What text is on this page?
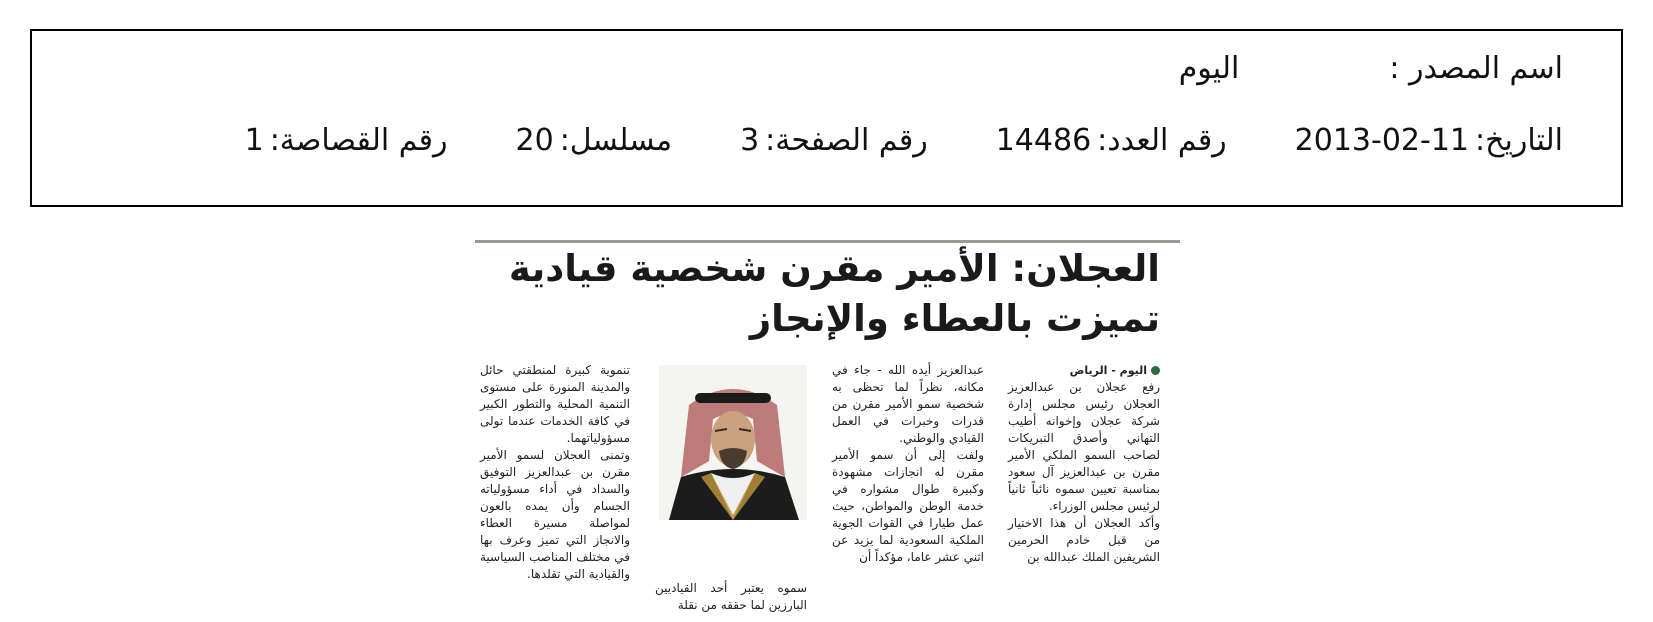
اسم المصدر :
اليوم
التاريخ:
2013-02-11
رقم العدد:
14486
رقم الصفحة:
3
مسلسل:
20
رقم القصاصة:
1
العجلان: الأمير مقرن شخصية قيادية
تميزت بالعطاء والإنجاز
اليوم - الرياض

رفع عجلان بن عبدالعزيز العجلان رئيس مجلس إدارة شركة عجلان وإخوانه أطيب التهاني وأصدق التبريكات لصاحب السمو الملكي الأمير مقرن بن عبدالعزيز آل سعود بمناسبة تعيين سموه نائباً ثانياً لرئيس مجلس الوزراء.

وأكد العجلان أن هذا الاختيار من قبل خادم الحرمين الشريفين الملك عبدالله بن

عبدالعزيز أيده الله - جاء في مكانه، نظراً لما تحظى به شخصية سمو الأمير مقرن من قدرات وخبرات في العمل القيادي والوطني.

ولفت إلى أن سمو الأمير مقرن له انجازات مشهودة وكبيرة طوال مشواره في خدمة الوطن والمواطن، حيث عمل طيارا في القوات الجوية الملكية السعودية لما يزيد عن اثني عشر عاما، مؤكداً أن

سموه يعتبر أحد القياديين البارزين لما حققه من نقلة

تنموية كبيرة لمنطقتي حائل والمدينة المنورة على مستوى التنمية المحلية والتطور الكبير في كافة الخدمات عندما تولى مسؤولياتهما.

وتمنى العجلان لسمو الأمير مقرن بن عبدالعزيز التوفيق والسداد في أداء مسؤولياته الجسام وأن يمده بالعون لمواصلة مسيرة العطاء والانجاز التي تميز وعرف بها في مختلف المناصب السياسية والقيادية التي تقلدها.
